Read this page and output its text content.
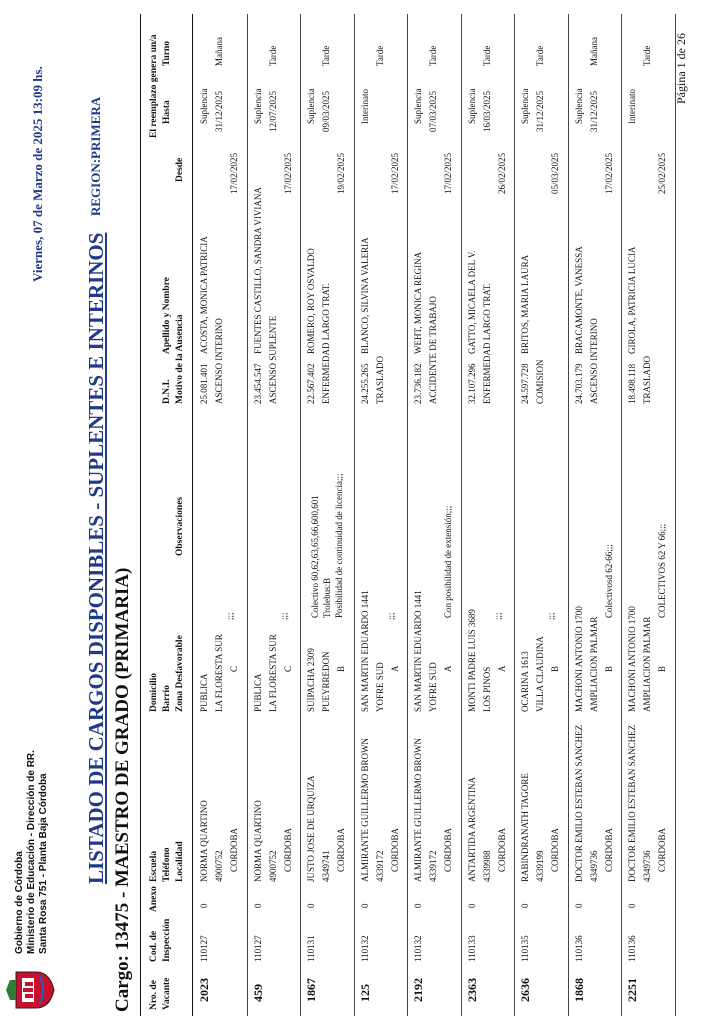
Gobierno de Córdoba Ministerio de Educación - Dirección de RR. Santa Rosa 751 - Planta Baja Córdoba
Viernes, 07 de Marzo de 2025 13:09 hs.
LISTADO DE CARGOS DISPONIBLES - SUPLENTES E INTERINOS
REGION:PRIMERA
Cargo: 13475 - MAESTRO DE GRADO (PRIMARIA) Nro. de Vacante
Cod. de Inspección
Anexo
Escuela Teléfono Localidad
Domicilio Barrio Zona Desfavorable
Observaciones
D.N.I. Motivo de la Ausencia
Apellido y Nombre
Desde
El reemplazo genera un/a Hasta
Turno
2023
110127
0
NORMA QUARTINO 4900752 CORDOBA
PUBLICA LA FLORESTA SUR C
;;;
25.081.401
ACOSTA, MONICA PATRICIA
ASCENSO INTERINO
17/02/2025
Suplencia 31/12/2025
Mañana
459
110127
0
NORMA QUARTINO 4900752 CORDOBA
PUBLICA LA FLORESTA SUR C
;;;
23.454.547
FUENTES CASTILLO, SANDRA VIVIANA
ASCENSO SUPLENTE
17/02/2025
Suplencia 12/07/2025
Tarde
1867
110131
0
JUSTO JOSE DE URQUIZA 4349741 CORDOBA
SUIPACHA 2309 PUEYRREDON B
Colectivo 60,62,63,65,66,600,601 Trolebus:B Posibilidad de continuidad de licencia;;;
22.567.402
ROMERO, ROY OSVALDO ENFERMEDAD LARGO TRAT.
19/02/2025
Suplencia 09/03/2025
Tarde
125
110132
0
ALMIRANTE GUILLERMO BROWN 4339172 CORDOBA
SAN MARTIN EDUARDO 1441 YOFRE SUD A
;;;
24.255.265
BLANCO, SILVINA VALERIA
TRASLADO
17/02/2025
Interinato
Tarde
2192
110132
0
ALMIRANTE GUILLERMO BROWN 4339172 CORDOBA
SAN MARTIN EDUARDO 1441 YOFRE SUD A
Con posibilidad de extensión;;;
23.736.182
WEHT, MONICA REGINA ACCIDENTE DE TRABAJO
17/02/2025
Suplencia 07/03/2025
Tarde
2363
110133
0
ANTARTIDA ARGENTINA 4339988 CORDOBA
MONTI PADRE LUIS 3689 LOS PINOS A
;;;
32.107.296
GATTO, MICAELA DEL V. ENFERMEDAD LARGO TRAT.
26/02/2025
Suplencia 16/03/2025
Tarde
2636
110135
0
RABINDRANATH TAGORE 4339199 CORDOBA
OCARINA 1613 VILLA CLAUDINA B
;;;
24.597.728
BRITOS, MARIA LAURA
COMISION
05/03/2025
Suplencia 31/12/2025
Tarde
1868
110136
0
DOCTOR EMILIO ESTEBAN SANCHEZ 4349736 CORDOBA
MACHONI ANTONIO 1700 AMPLIACION PALMAR B
Colectivosd 62-66;;;
24.703.179
BRACAMONTE, VANESSA
ASCENSO INTERINO
17/02/2025
Suplencia 31/12/2025
Mañana
2251
110136
0
DOCTOR EMILIO ESTEBAN SANCHEZ 4349736 CORDOBA
MACHONI ANTONIO 1700 AMPLIACION PALMAR B
COLECTIVOS 62 Y 66;;;
18.498.118
GIROLA, PATRICIA LUCIA
TRASLADO
25/02/2025
Interinato
Tarde Página 1 de 26
